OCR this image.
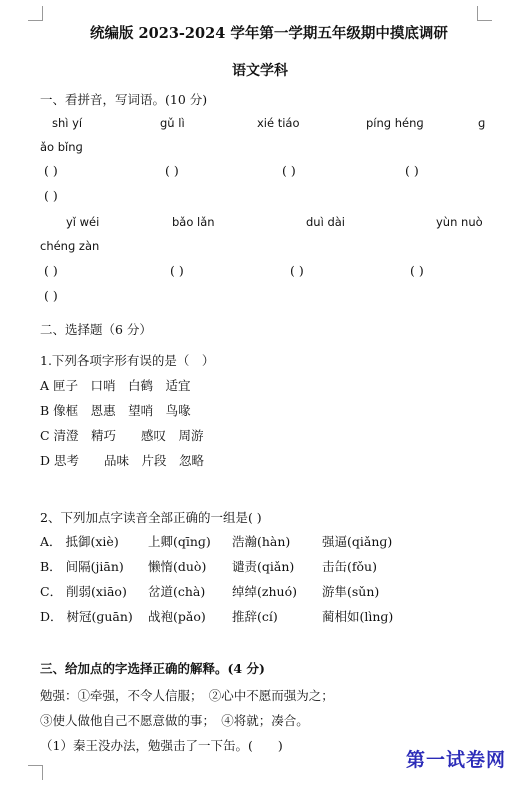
统编版 2023-2024 学年第一学期五年级期中摸底调研
语文学科
一、看拼音，写词语。(10 分)
shì yí	gǔ lì	xié tiáo	pínɡ hénɡ	ɡ
ǎo bǐnɡ
( )	( )	( )	( )
( )
yǐ wéi	bǎo lǎn	duì dài	yùn nuò
chénɡ zàn
( )	( )	( )	( )
( )
二、选择题（6 分）
1.下列各项字形有误的是（　）
A 匣子　口哨　白鹤　适宜
B 像框　恩惠　望哨　鸟喙
C 清澄　精巧　　感叹　周游
D 思考　　品味　片段　忽略
2、下列加点字读音全部正确的一组是( )
A． 抵御(xiè) 上卿(qīnɡ) 浩瀚(hàn)	强逼(qiǎnɡ)
B． 间隔(jiān) 懒惰(duò) 谴责(qiǎn) 击缶(fǒu)
C． 削弱(xiāo) 岔道(chà) 绰绰(zhuó) 游隼(sǔn)
D． 树冠(ɡuān) 战袍(pǎo) 推辞(cí)	蔺相如(lìnɡ)
三、给加点的字选择正确的解释。(4 分)
勉强：①牵强，不令人信服；　②心中不愿而强为之；
③使人做他自己不愿意做的事；　④将就；凑合。
（1）秦王没办法，勉强击了一下缶。(　　)
第一试卷网
